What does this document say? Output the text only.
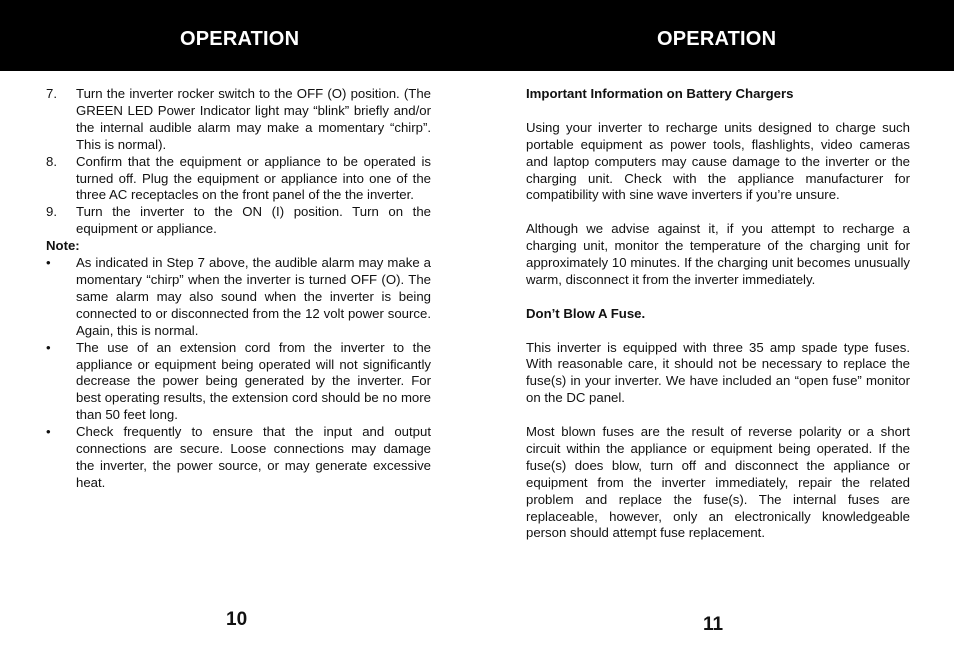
OPERATION	OPERATION
7.	Turn the inverter rocker switch to the OFF (O) position. (The GREEN LED Power Indicator light may “blink” briefly and/or the internal audible alarm may make a momentary “chirp”. This is normal).
8.	Confirm that the equipment or appliance to be operated is turned off. Plug the equipment or appliance into one of the three AC receptacles on the front panel of the the inverter.
9.	Turn the inverter to the ON (I) position. Turn on the equipment or appliance.
Note:
•	As indicated in Step 7 above, the audible alarm may make a momentary “chirp” when the inverter is turned OFF (O). The same alarm may also sound when the inverter is being connected to or disconnected from the 12 volt power source. Again, this is normal.
•	The use of an extension cord from the inverter to the appliance or equipment being operated will not significantly decrease the power being generated by the inverter. For best operating results, the extension cord should be no more than 50 feet long.
•	Check frequently to ensure that the input and output connections are secure. Loose connections may damage the inverter, the power source, or may generate excessive heat.

Important Information on Battery Chargers

Using your inverter to recharge units designed to charge such portable equipment as power tools, flashlights, video cameras and laptop computers may cause damage to the inverter or the charging unit. Check with the appliance manufacturer for compatibility with sine wave inverters if you’re unsure.

Although we advise against it, if you attempt to recharge a charging unit, monitor the temperature of the charging unit for approximately 10 minutes. If the charging unit becomes unusually warm, disconnect it from the inverter immediately.

Don’t Blow A Fuse.

This inverter is equipped with three 35 amp spade type fuses. With reasonable care, it should not be necessary to replace the fuse(s) in your inverter. We have included an “open fuse” monitor on the DC panel.

Most blown fuses are the result of reverse polarity or a short circuit within the appliance or equipment being operated. If the fuse(s) does blow, turn off and disconnect the appliance or equipment from the inverter immediately, repair the related problem and replace the fuse(s). The internal fuses are replaceable, however, only an electronically knowledgeable person should attempt fuse replacement.

10	11
